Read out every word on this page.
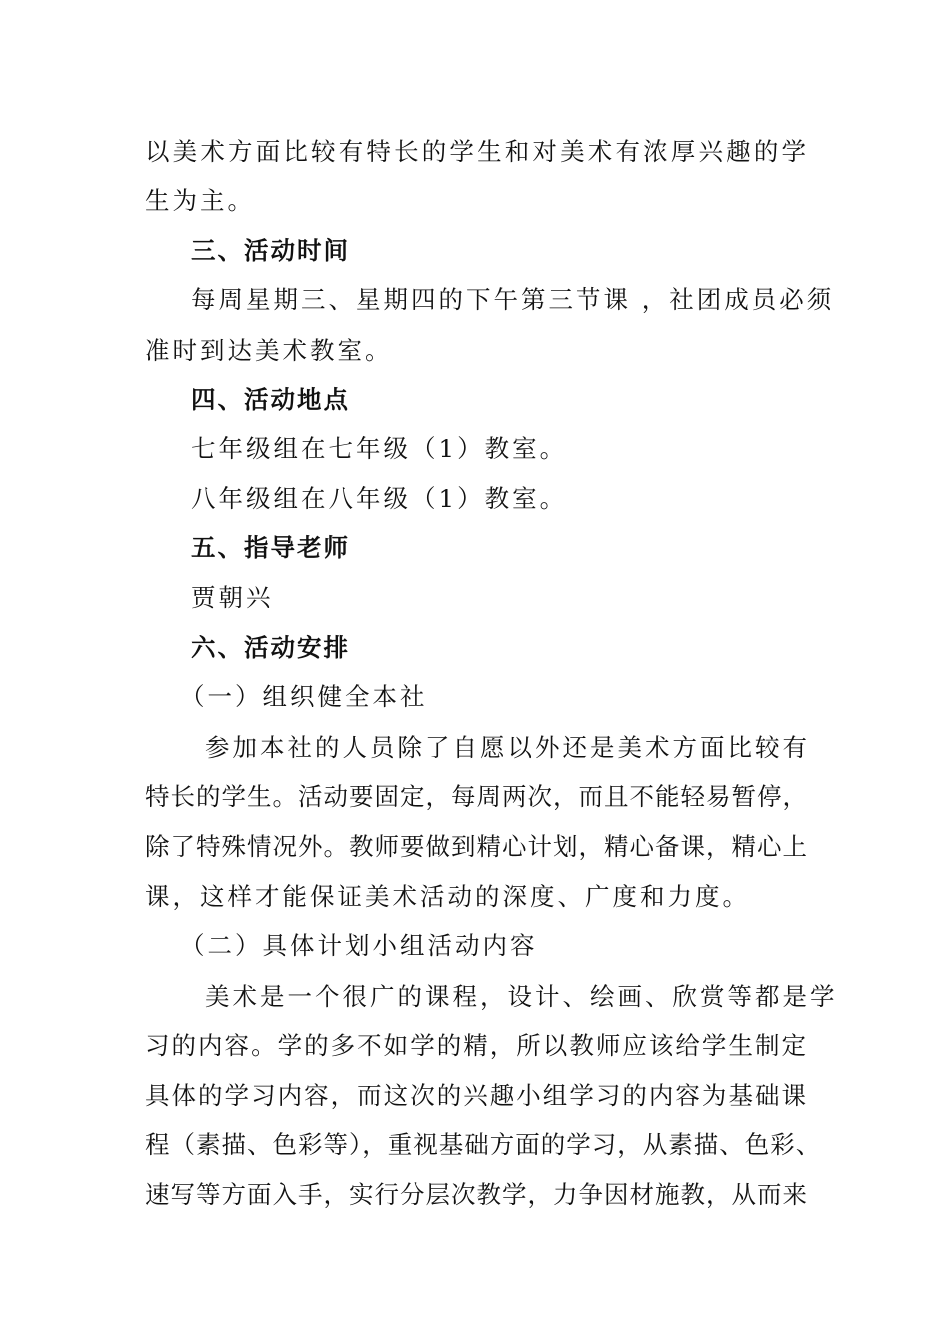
以美术方面比较有特长的学生和对美术有浓厚兴趣的学
生为主。
三、活动时间
每周星期三、星期四的下午第三节课 ，社团成员必须
准时到达美术教室。
四、活动地点
七年级组在七年级（1）教室。
八年级组在八年级（1）教室。
五、指导老师
贾朝兴
六、活动安排
（一）组织健全本社
参加本社的人员除了自愿以外还是美术方面比较有
特长的学生。活动要固定，每周两次，而且不能轻易暂停，
除了特殊情况外。教师要做到精心计划，精心备课，精心上
课，这样才能保证美术活动的深度、广度和力度。
（二）具体计划小组活动内容
美术是一个很广的课程，设计、绘画、欣赏等都是学
习的内容。学的多不如学的精，所以教师应该给学生制定
具体的学习内容，而这次的兴趣小组学习的内容为基础课
程（素描、色彩等），重视基础方面的学习，从素描、色彩、
速写等方面入手，实行分层次教学，力争因材施教，从而来
